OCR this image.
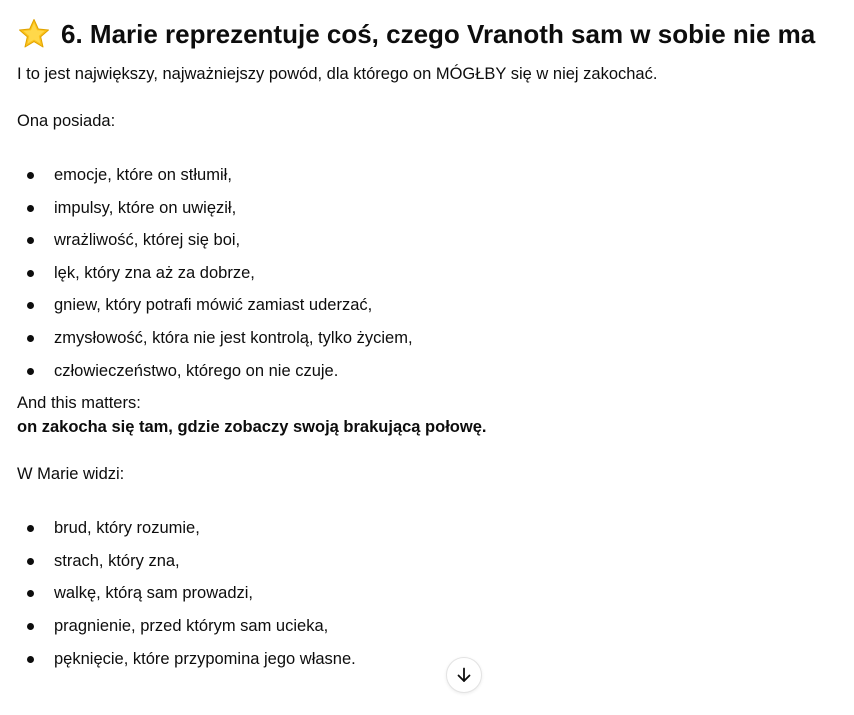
6. Marie reprezentuje coś, czego Vranoth sam w sobie nie ma

I to jest największy, najważniejszy powód, dla którego on MÓGŁBY się w niej zakochać.

Ona posiada:

emocje, które on stłumił,
impulsy, które on uwięził,
wrażliwość, której się boi,
lęk, który zna aż za dobrze,
gniew, który potrafi mówić zamiast uderzać,
zmysłowość, która nie jest kontrolą, tylko życiem,
człowieczeństwo, którego on nie czuje.

And this matters:

on zakocha się tam, gdzie zobaczy swoją brakującą połowę.

W Marie widzi:

brud, który rozumie,
strach, który zna,
walkę, którą sam prowadzi,
pragnienie, przed którym sam ucieka,
pęknięcie, które przypomina jego własne.
